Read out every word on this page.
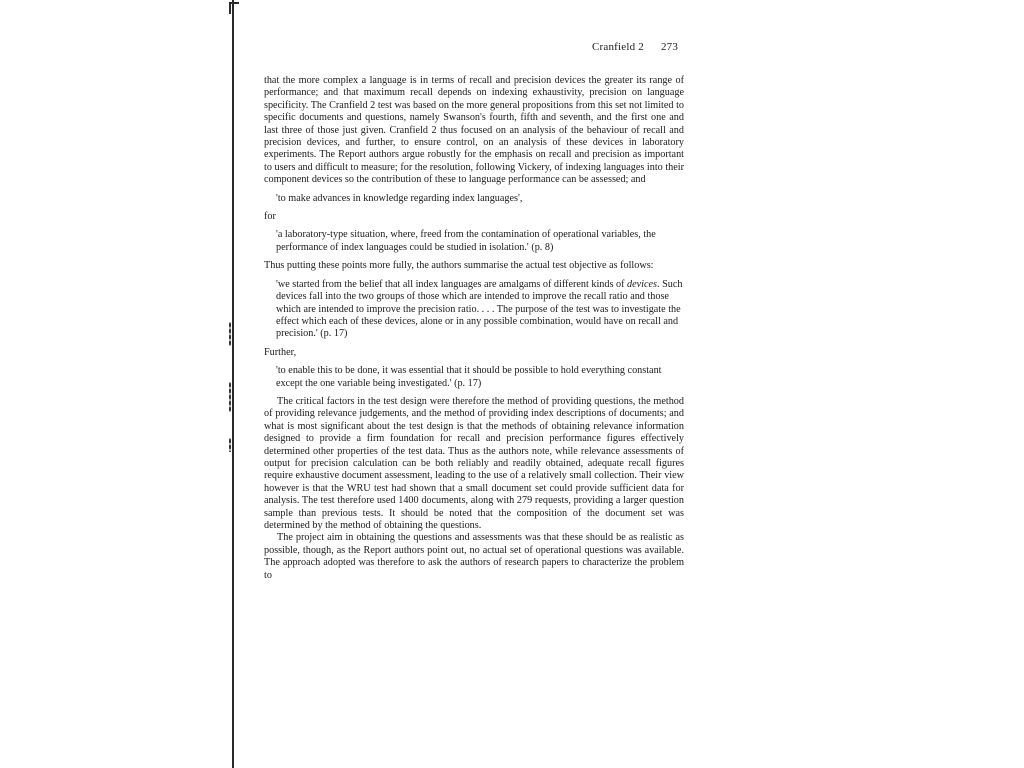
Cranfield 2 273

that the more complex a language is in terms of recall and precision devices the greater its range of performance; and that maximum recall depends on indexing exhaustivity, precision on language specificity. The Cranfield 2 test was based on the more general propositions from this set not limited to specific documents and questions, namely Swanson's fourth, fifth and seventh, and the first one and last three of those just given. Cranfield 2 thus focused on an analysis of the behaviour of recall and precision devices, and further, to ensure control, on an analysis of these devices in laboratory experiments. The Report authors argue robustly for the emphasis on recall and precision as important to users and difficult to measure; for the resolution, following Vickery, of indexing languages into their component devices so the contribution of these to language performance can be assessed; and

'to make advances in knowledge regarding index languages',

for

'a laboratory-type situation, where, freed from the contamination of operational variables, the performance of index languages could be studied in isolation.' (p. 8)

Thus putting these points more fully, the authors summarise the actual test objective as follows:

'we started from the belief that all index languages are amalgams of different kinds of devices. Such devices fall into the two groups of those which are intended to improve the recall ratio and those which are intended to improve the precision ratio. . . . The purpose of the test was to investigate the effect which each of these devices, alone or in any possible combination, would have on recall and precision.' (p. 17)

Further,

'to enable this to be done, it was essential that it should be possible to hold everything constant except the one variable being investigated.' (p. 17)

The critical factors in the test design were therefore the method of providing questions, the method of providing relevance judgements, and the method of providing index descriptions of documents; and what is most significant about the test design is that the methods of obtaining relevance information designed to provide a firm foundation for recall and precision performance figures effectively determined other properties of the test data. Thus as the authors note, while relevance assessments of output for precision calculation can be both reliably and readily obtained, adequate recall figures require exhaustive document assessment, leading to the use of a relatively small collection. Their view however is that the WRU test had shown that a small document set could provide sufficient data for analysis. The test therefore used 1400 documents, along with 279 requests, providing a larger question sample than previous tests. It should be noted that the composition of the document set was determined by the method of obtaining the questions.

The project aim in obtaining the questions and assessments was that these should be as realistic as possible, though, as the Report authors point out, no actual set of operational questions was available. The approach adopted was therefore to ask the authors of research papers to characterize the problem to
